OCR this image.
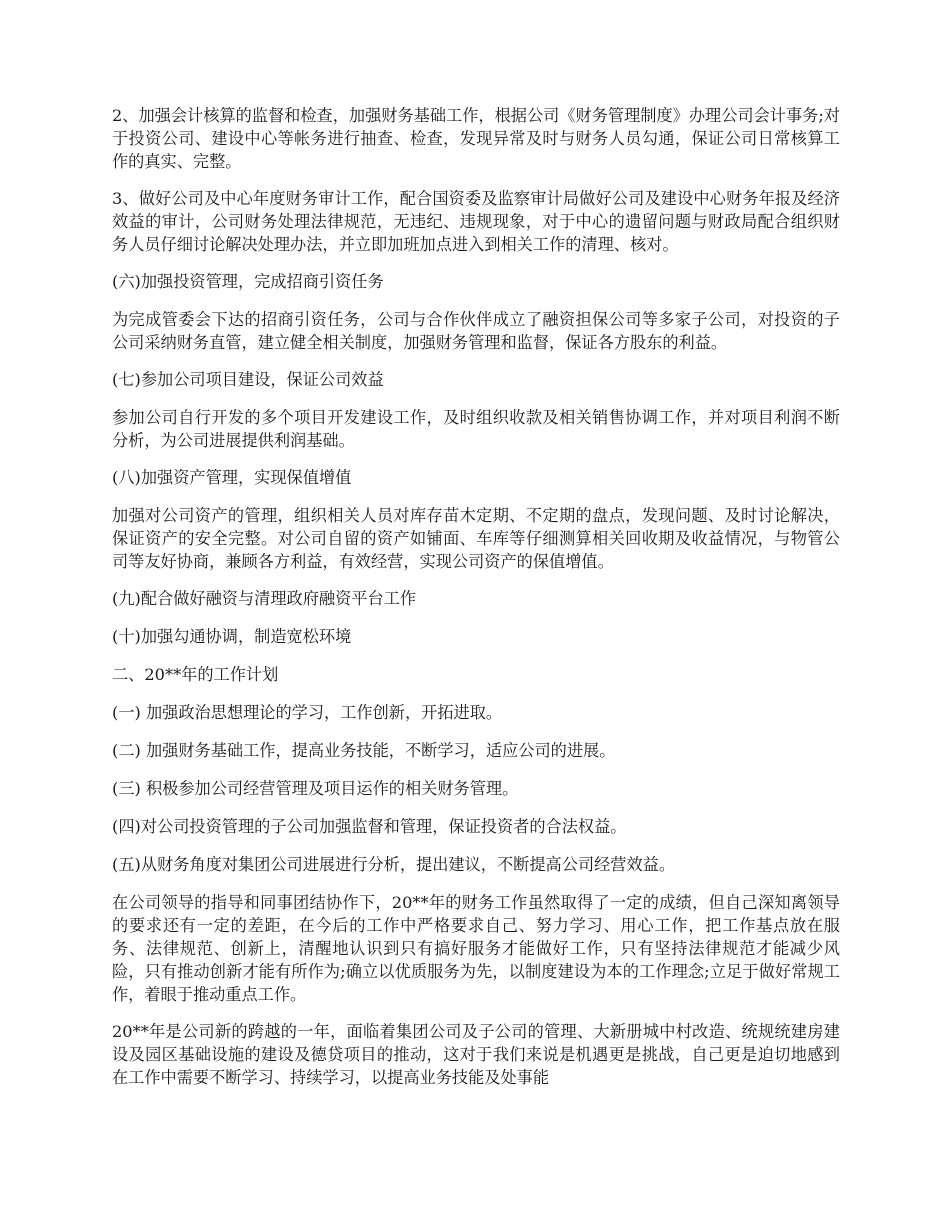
2、加强会计核算的监督和检查，加强财务基础工作，根据公司《财务管理制度》办理公司会计事务;对于投资公司、建设中心等帐务进行抽查、检查，发现异常及时与财务人员勾通，保证公司日常核算工作的真实、完整。

3、做好公司及中心年度财务审计工作，配合国资委及监察审计局做好公司及建设中心财务年报及经济效益的审计，公司财务处理法律规范，无违纪、违规现象，对于中心的遗留问题与财政局配合组织财务人员仔细讨论解决处理办法，并立即加班加点进入到相关工作的清理、核对。

(六)加强投资管理，完成招商引资任务

为完成管委会下达的招商引资任务，公司与合作伙伴成立了融资担保公司等多家子公司，对投资的子公司采纳财务直管，建立健全相关制度，加强财务管理和监督，保证各方股东的利益。

(七)参加公司项目建设，保证公司效益

参加公司自行开发的多个项目开发建设工作，及时组织收款及相关销售协调工作，并对项目利润不断分析，为公司进展提供利润基础。

(八)加强资产管理，实现保值增值

加强对公司资产的管理，组织相关人员对库存苗木定期、不定期的盘点，发现问题、及时讨论解决，保证资产的安全完整。对公司自留的资产如铺面、车库等仔细测算相关回收期及收益情况，与物管公司等友好协商，兼顾各方利益，有效经营，实现公司资产的保值增值。

(九)配合做好融资与清理政府融资平台工作

(十)加强勾通协调，制造宽松环境

二、20**年的工作计划

(一) 加强政治思想理论的学习，工作创新，开拓进取。

(二) 加强财务基础工作，提高业务技能，不断学习，适应公司的进展。

(三) 积极参加公司经营管理及项目运作的相关财务管理。

(四)对公司投资管理的子公司加强监督和管理，保证投资者的合法权益。

(五)从财务角度对集团公司进展进行分析，提出建议，不断提高公司经营效益。

在公司领导的指导和同事团结协作下，20**年的财务工作虽然取得了一定的成绩，但自己深知离领导的要求还有一定的差距，在今后的工作中严格要求自己、努力学习、用心工作，把工作基点放在服务、法律规范、创新上，清醒地认识到只有搞好服务才能做好工作，只有坚持法律规范才能减少风险，只有推动创新才能有所作为;确立以优质服务为先，以制度建设为本的工作理念;立足于做好常规工作，着眼于推动重点工作。

20**年是公司新的跨越的一年，面临着集团公司及子公司的管理、大新册城中村改造、统规统建房建设及园区基础设施的建设及德贷项目的推动，这对于我们来说是机遇更是挑战，自己更是迫切地感到在工作中需要不断学习、持续学习，以提高业务技能及处事能
